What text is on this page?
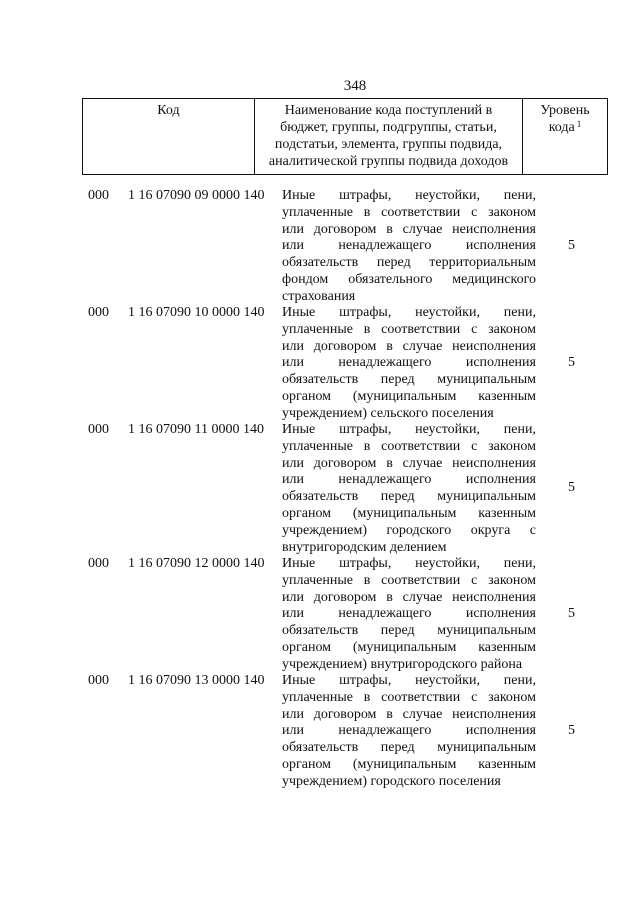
348
Код	Наименование кода поступлений в
бюджет, группы, подгруппы, статьи,
подстатьи, элемента, группы подвида,
аналитической группы подвида доходов

Уровень
кода $^1$
000 1 16 07090 09 0000 140 Иные штрафы, неустойки, пени,
уплаченные в соответствии с законом
или договором в случае неисполнения
или ненадлежащего исполнения
обязательств перед территориальным
фондом обязательного медицинского
страхования
5
000 1 16 07090 10 0000 140 Иные штрафы, неустойки, пени,
уплаченные в соответствии с законом
или договором в случае неисполнения
или ненадлежащего исполнения
обязательств перед муниципальным
органом (муниципальным казенным
учреждением) сельского поселения
5
000 1 16 07090 11 0000 140 Иные штрафы, неустойки, пени,
уплаченные в соответствии с законом
или договором в случае неисполнения
или ненадлежащего исполнения
обязательств перед муниципальным
органом (муниципальным казенным
учреждением) городского округа с
внутригородским делением
5
000 1 16 07090 12 0000 140 Иные штрафы, неустойки, пени,
уплаченные в соответствии с законом
или договором в случае неисполнения
или ненадлежащего исполнения
обязательств перед муниципальным
органом (муниципальным казенным
учреждением) внутригородского района
5
000 1 16 07090 13 0000 140 Иные штрафы, неустойки, пени,
уплаченные в соответствии с законом
или договором в случае неисполнения
или ненадлежащего исполнения
обязательств перед муниципальным
органом (муниципальным казенным
учреждением) городского поселения
5
